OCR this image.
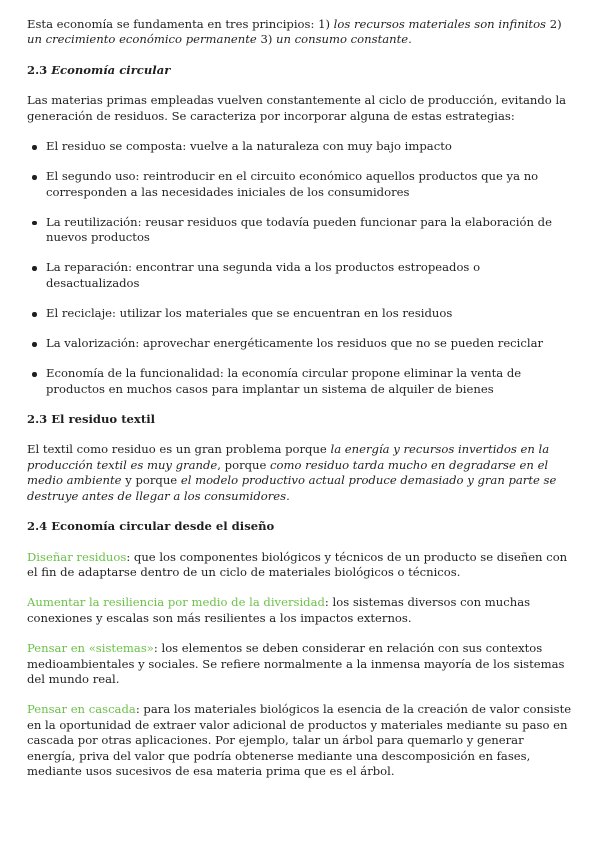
Esta economía se fundamenta en tres principios: 1) los recursos materiales son infinitos 2) un crecimiento económico permanente 3) un consumo constante.

2.3 Economía circular

Las materias primas empleadas vuelven constantemente al ciclo de producción, evitando la generación de residuos. Se caracteriza por incorporar alguna de estas estrategias:

El residuo se composta: vuelve a la naturaleza con muy bajo impacto
El segundo uso: reintroducir en el circuito económico aquellos productos que ya no corresponden a las necesidades iniciales de los consumidores
La reutilización: reusar residuos que todavía pueden funcionar para la elaboración de nuevos productos
La reparación: encontrar una segunda vida a los productos estropeados o desactualizados
El reciclaje: utilizar los materiales que se encuentran en los residuos
La valorización: aprovechar energéticamente los residuos que no se pueden reciclar
Economía de la funcionalidad: la economía circular propone eliminar la venta de productos en muchos casos para implantar un sistema de alquiler de bienes
2.3 El residuo textil

El textil como residuo es un gran problema porque la energía y recursos invertidos en la producción textil es muy grande, porque como residuo tarda mucho en degradarse en el medio ambiente y porque el modelo productivo actual produce demasiado y gran parte se destruye antes de llegar a los consumidores.

2.4 Economía circular desde el diseño

Diseñar residuos: que los componentes biológicos y técnicos de un producto se diseñen con el fin de adaptarse dentro de un ciclo de materiales biológicos o técnicos.

Aumentar la resiliencia por medio de la diversidad: los sistemas diversos con muchas conexiones y escalas son más resilientes a los impactos externos.

Pensar en «sistemas»: los elementos se deben considerar en relación con sus contextos medioambientales y sociales. Se refiere normalmente a la inmensa mayoría de los sistemas del mundo real.

Pensar en cascada: para los materiales biológicos la esencia de la creación de valor consiste en la oportunidad de extraer valor adicional de productos y materiales mediante su paso en cascada por otras aplicaciones. Por ejemplo, talar un árbol para quemarlo y generar energía, priva del valor que podría obtenerse mediante una descomposición en fases, mediante usos sucesivos de esa materia prima que es el árbol.
